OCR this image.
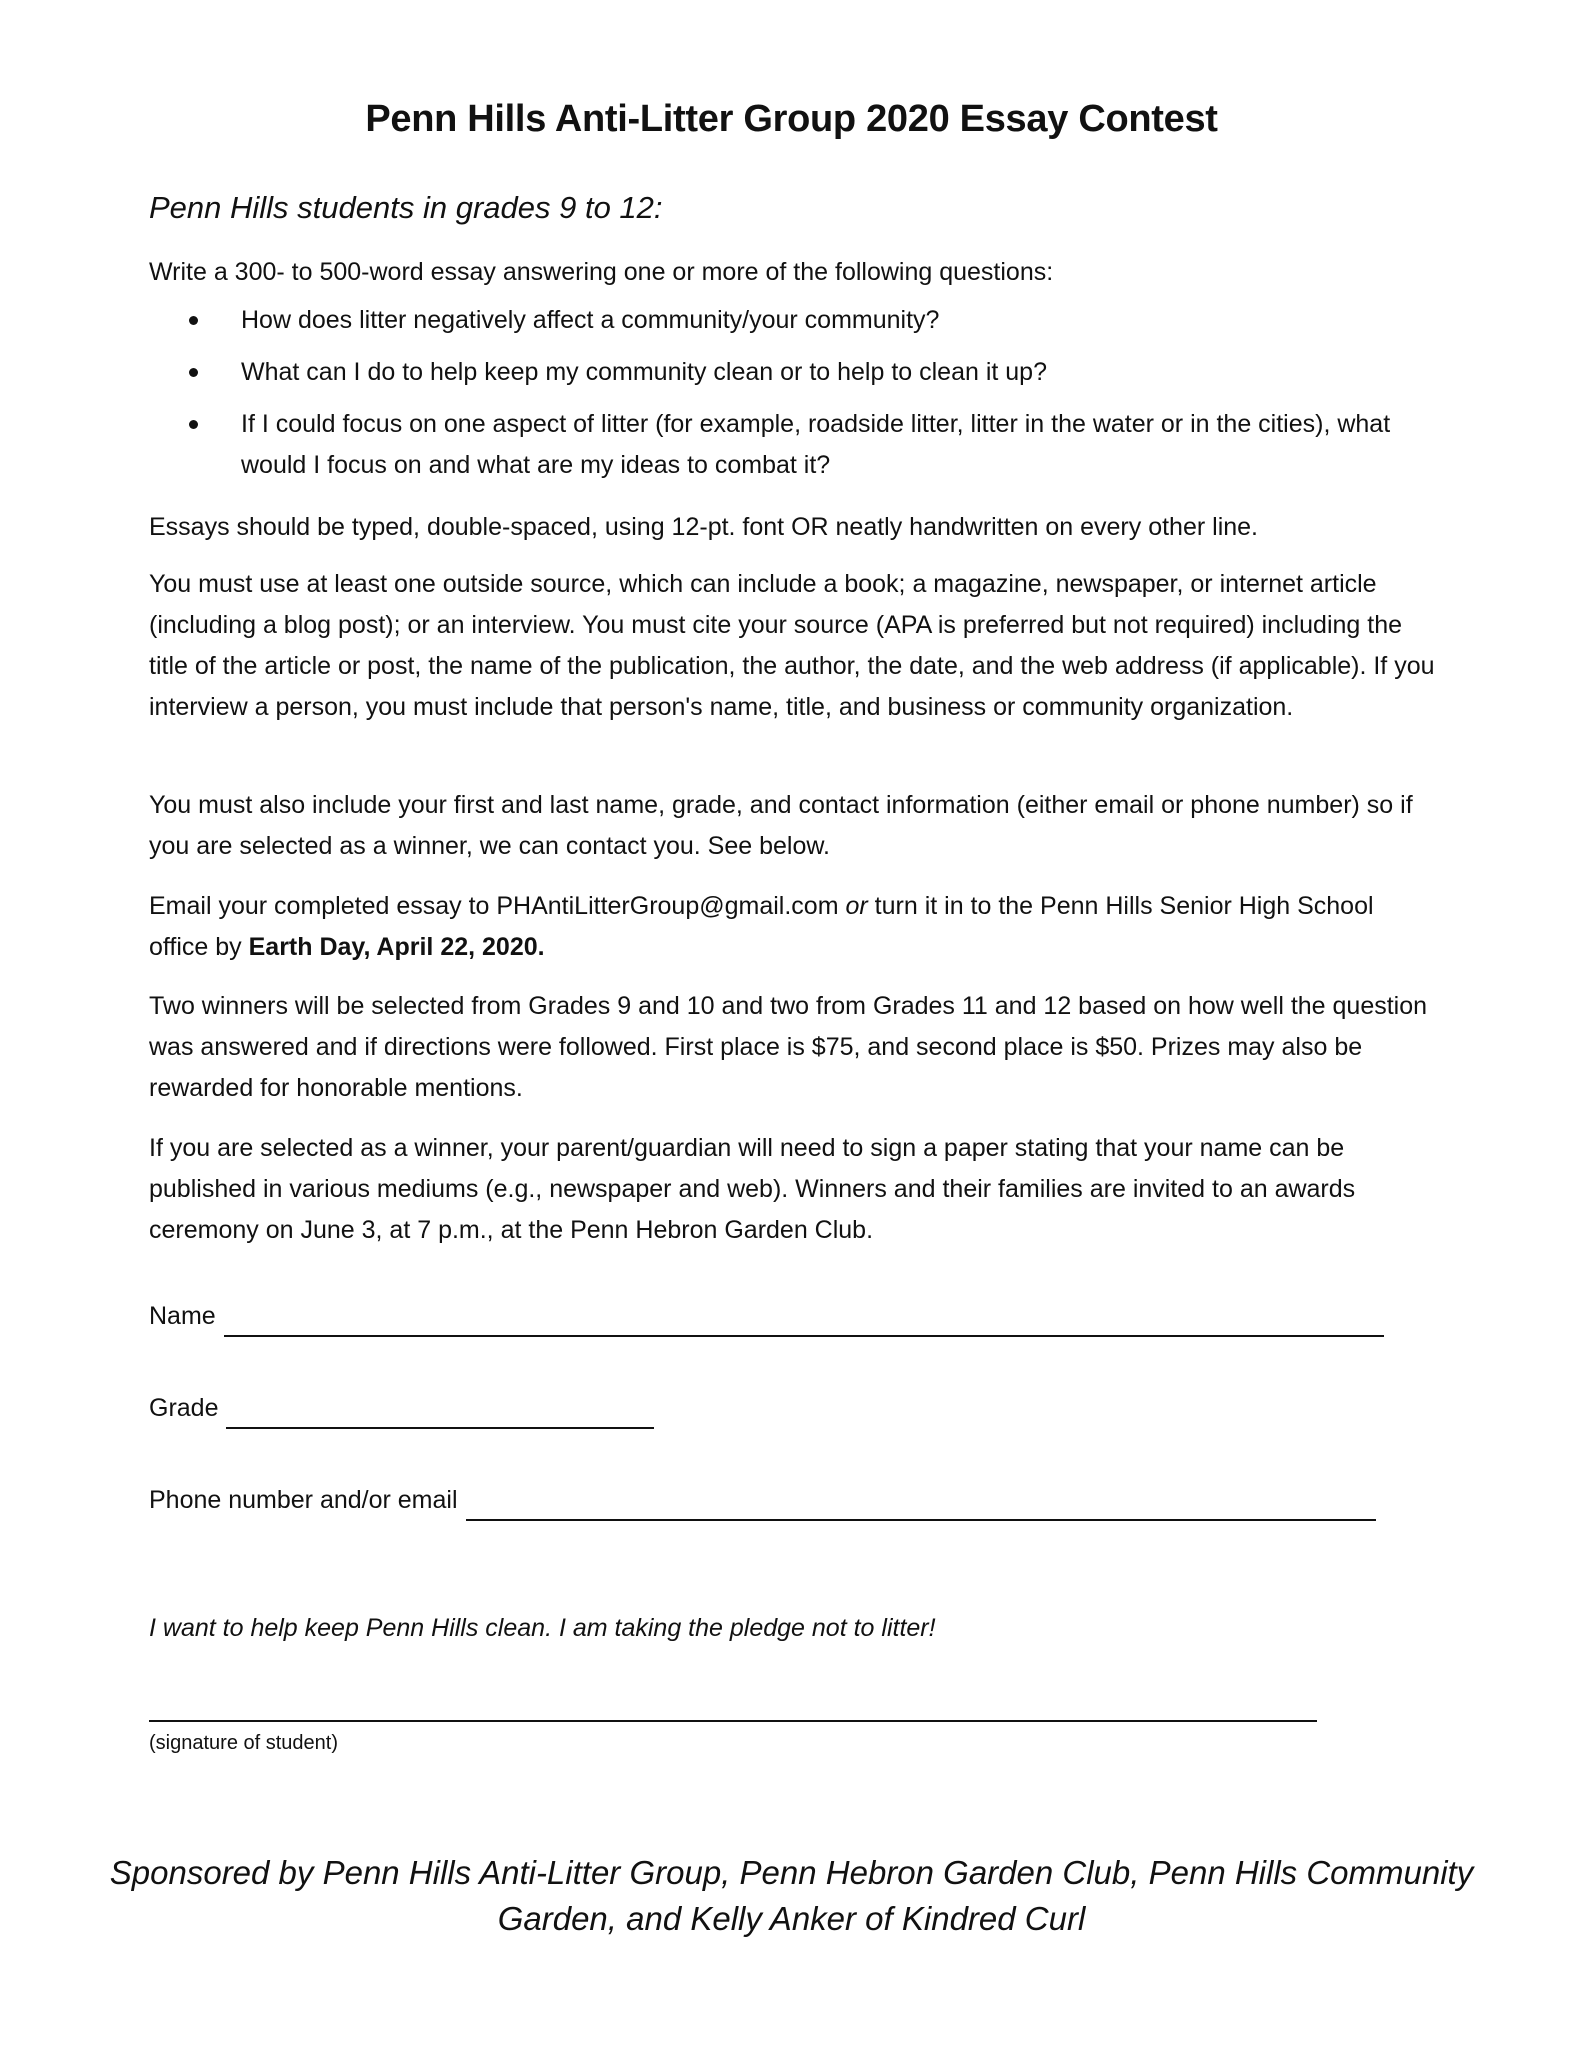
Penn Hills Anti-Litter Group 2020 Essay Contest
Penn Hills students in grades 9 to 12:
Write a 300- to 500-word essay answering one or more of the following questions:
How does litter negatively affect a community/your community?
What can I do to help keep my community clean or to help to clean it up?
If I could focus on one aspect of litter (for example, roadside litter, litter in the water or in the cities), what would I focus on and what are my ideas to combat it?
Essays should be typed, double-spaced, using 12-pt. font OR neatly handwritten on every other line.
You must use at least one outside source, which can include a book; a magazine, newspaper, or internet article (including a blog post); or an interview. You must cite your source (APA is preferred but not required) including the title of the article or post, the name of the publication, the author, the date, and the web address (if applicable). If you interview a person, you must include that person's name, title, and business or community organization.
You must also include your first and last name, grade, and contact information (either email or phone number) so if you are selected as a winner, we can contact you. See below.
Email your completed essay to PHAntiLitterGroup@gmail.com or turn it in to the Penn Hills Senior High School office by Earth Day, April 22, 2020.
Two winners will be selected from Grades 9 and 10 and two from Grades 11 and 12 based on how well the question was answered and if directions were followed. First place is $75, and second place is $50. Prizes may also be rewarded for honorable mentions.
If you are selected as a winner, your parent/guardian will need to sign a paper stating that your name can be published in various mediums (e.g., newspaper and web). Winners and their families are invited to an awards ceremony on June 3, at 7 p.m., at the Penn Hebron Garden Club.
Name
Grade
Phone number and/or email
I want to help keep Penn Hills clean. I am taking the pledge not to litter!
(signature of student)
Sponsored by Penn Hills Anti-Litter Group, Penn Hebron Garden Club, Penn Hills Community Garden, and Kelly Anker of Kindred Curl
